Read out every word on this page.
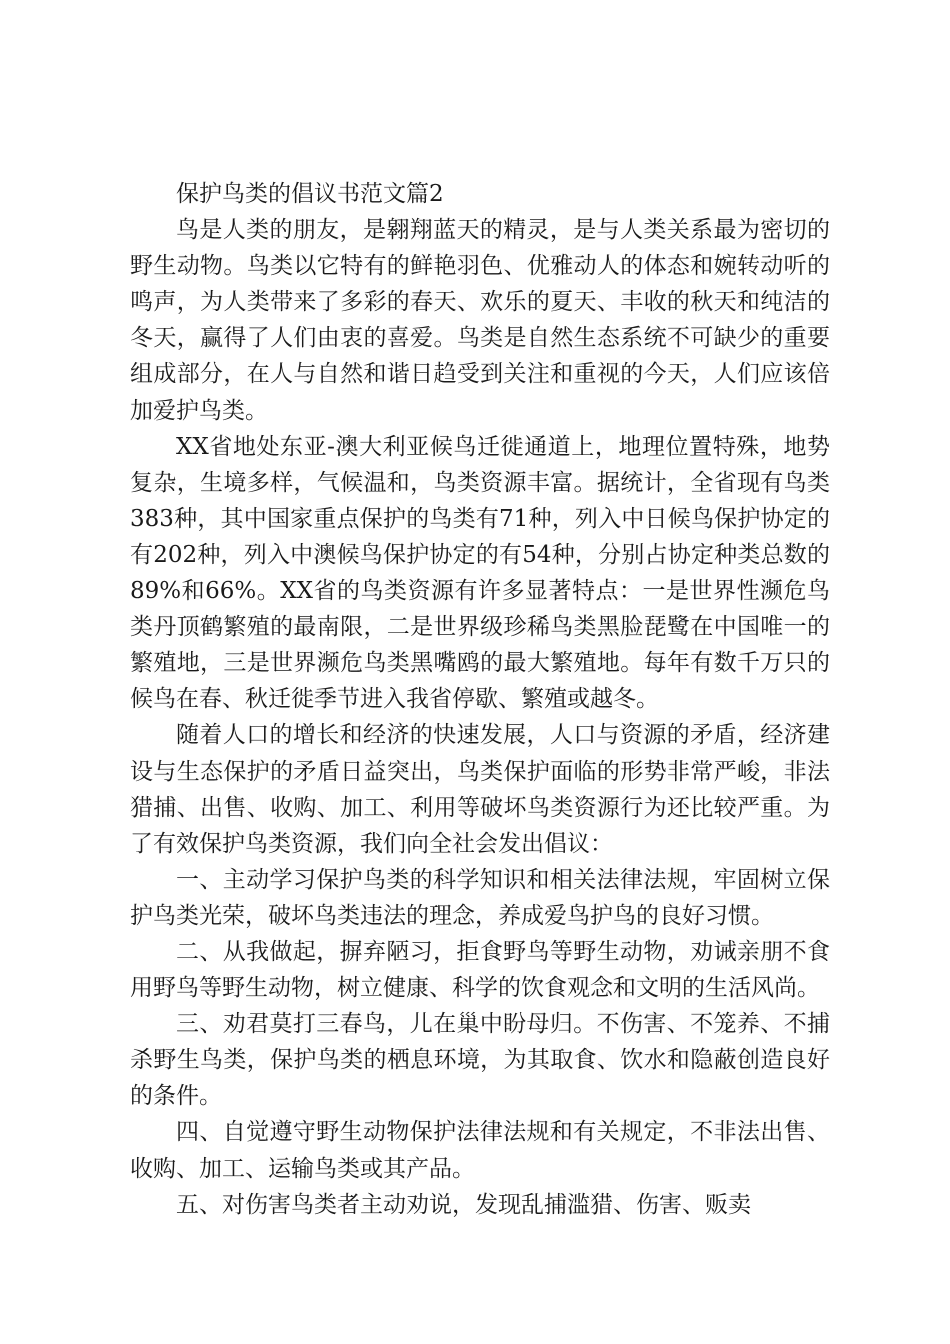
保护鸟类的倡议书范文篇2

鸟是人类的朋友，是翱翔蓝天的精灵，是与人类关系最为密切的野生动物。鸟类以它特有的鲜艳羽色、优雅动人的体态和婉转动听的鸣声，为人类带来了多彩的春天、欢乐的夏天、丰收的秋天和纯洁的冬天，赢得了人们由衷的喜爱。鸟类是自然生态系统不可缺少的重要组成部分，在人与自然和谐日趋受到关注和重视的今天，人们应该倍加爱护鸟类。

XX省地处东亚-澳大利亚候鸟迁徙通道上，地理位置特殊，地势复杂，生境多样，气候温和，鸟类资源丰富。据统计，全省现有鸟类383种，其中国家重点保护的鸟类有71种，列入中日候鸟保护协定的有202种，列入中澳候鸟保护协定的有54种，分别占协定种类总数的89%和66%。XX省的鸟类资源有许多显著特点：一是世界性濒危鸟类丹顶鹤繁殖的最南限，二是世界级珍稀鸟类黑脸琵鹭在中国唯一的繁殖地，三是世界濒危鸟类黑嘴鸥的最大繁殖地。每年有数千万只的候鸟在春、秋迁徙季节进入我省停歇、繁殖或越冬。

随着人口的增长和经济的快速发展，人口与资源的矛盾，经济建设与生态保护的矛盾日益突出，鸟类保护面临的形势非常严峻，非法猎捕、出售、收购、加工、利用等破坏鸟类资源行为还比较严重。为了有效保护鸟类资源，我们向全社会发出倡议：

一、主动学习保护鸟类的科学知识和相关法律法规，牢固树立保护鸟类光荣，破坏鸟类违法的理念，养成爱鸟护鸟的良好习惯。

二、从我做起，摒弃陋习，拒食野鸟等野生动物，劝诫亲朋不食用野鸟等野生动物，树立健康、科学的饮食观念和文明的生活风尚。

三、劝君莫打三春鸟，儿在巢中盼母归。不伤害、不笼养、不捕杀野生鸟类，保护鸟类的栖息环境，为其取食、饮水和隐蔽创造良好的条件。

四、自觉遵守野生动物保护法律法规和有关规定，不非法出售、收购、加工、运输鸟类或其产品。

五、对伤害鸟类者主动劝说，发现乱捕滥猎、伤害、贩卖
